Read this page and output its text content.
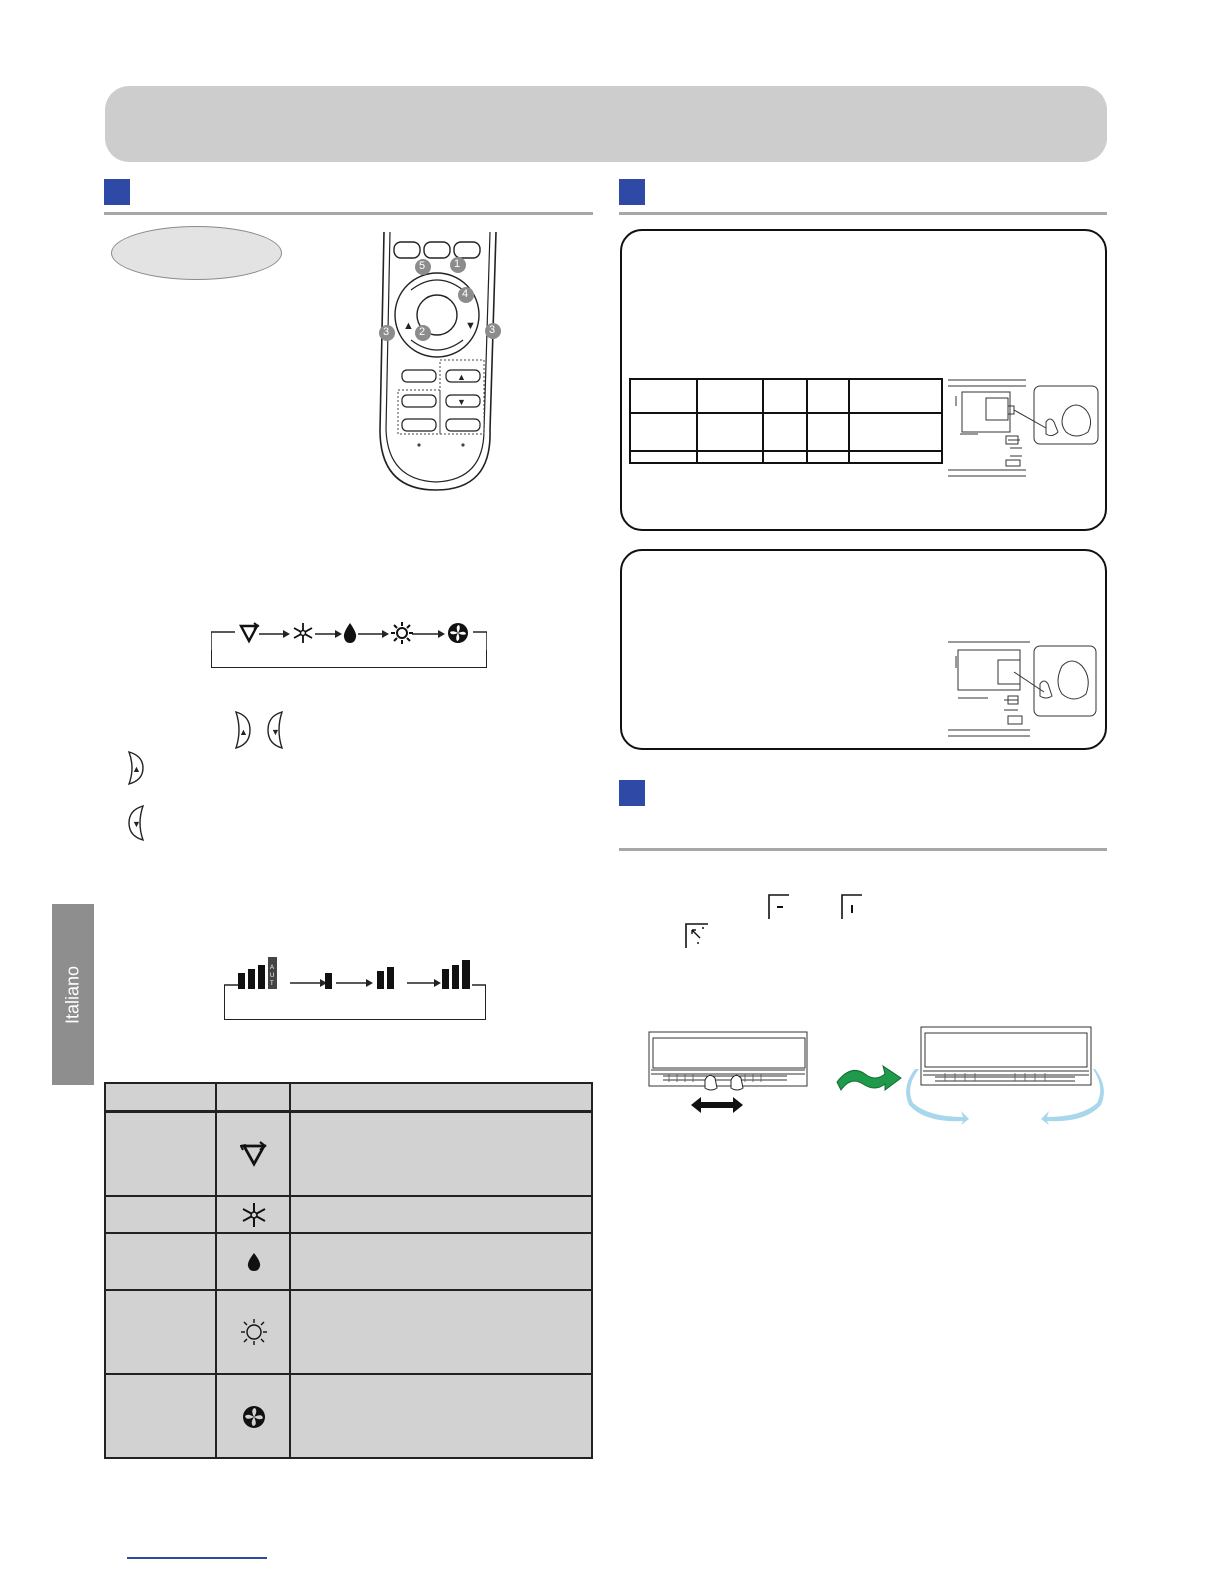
▲	▼
▲
▼
5	1
4
3	2	3
▲	▼
▲
▼
Italiano	A
U
T
